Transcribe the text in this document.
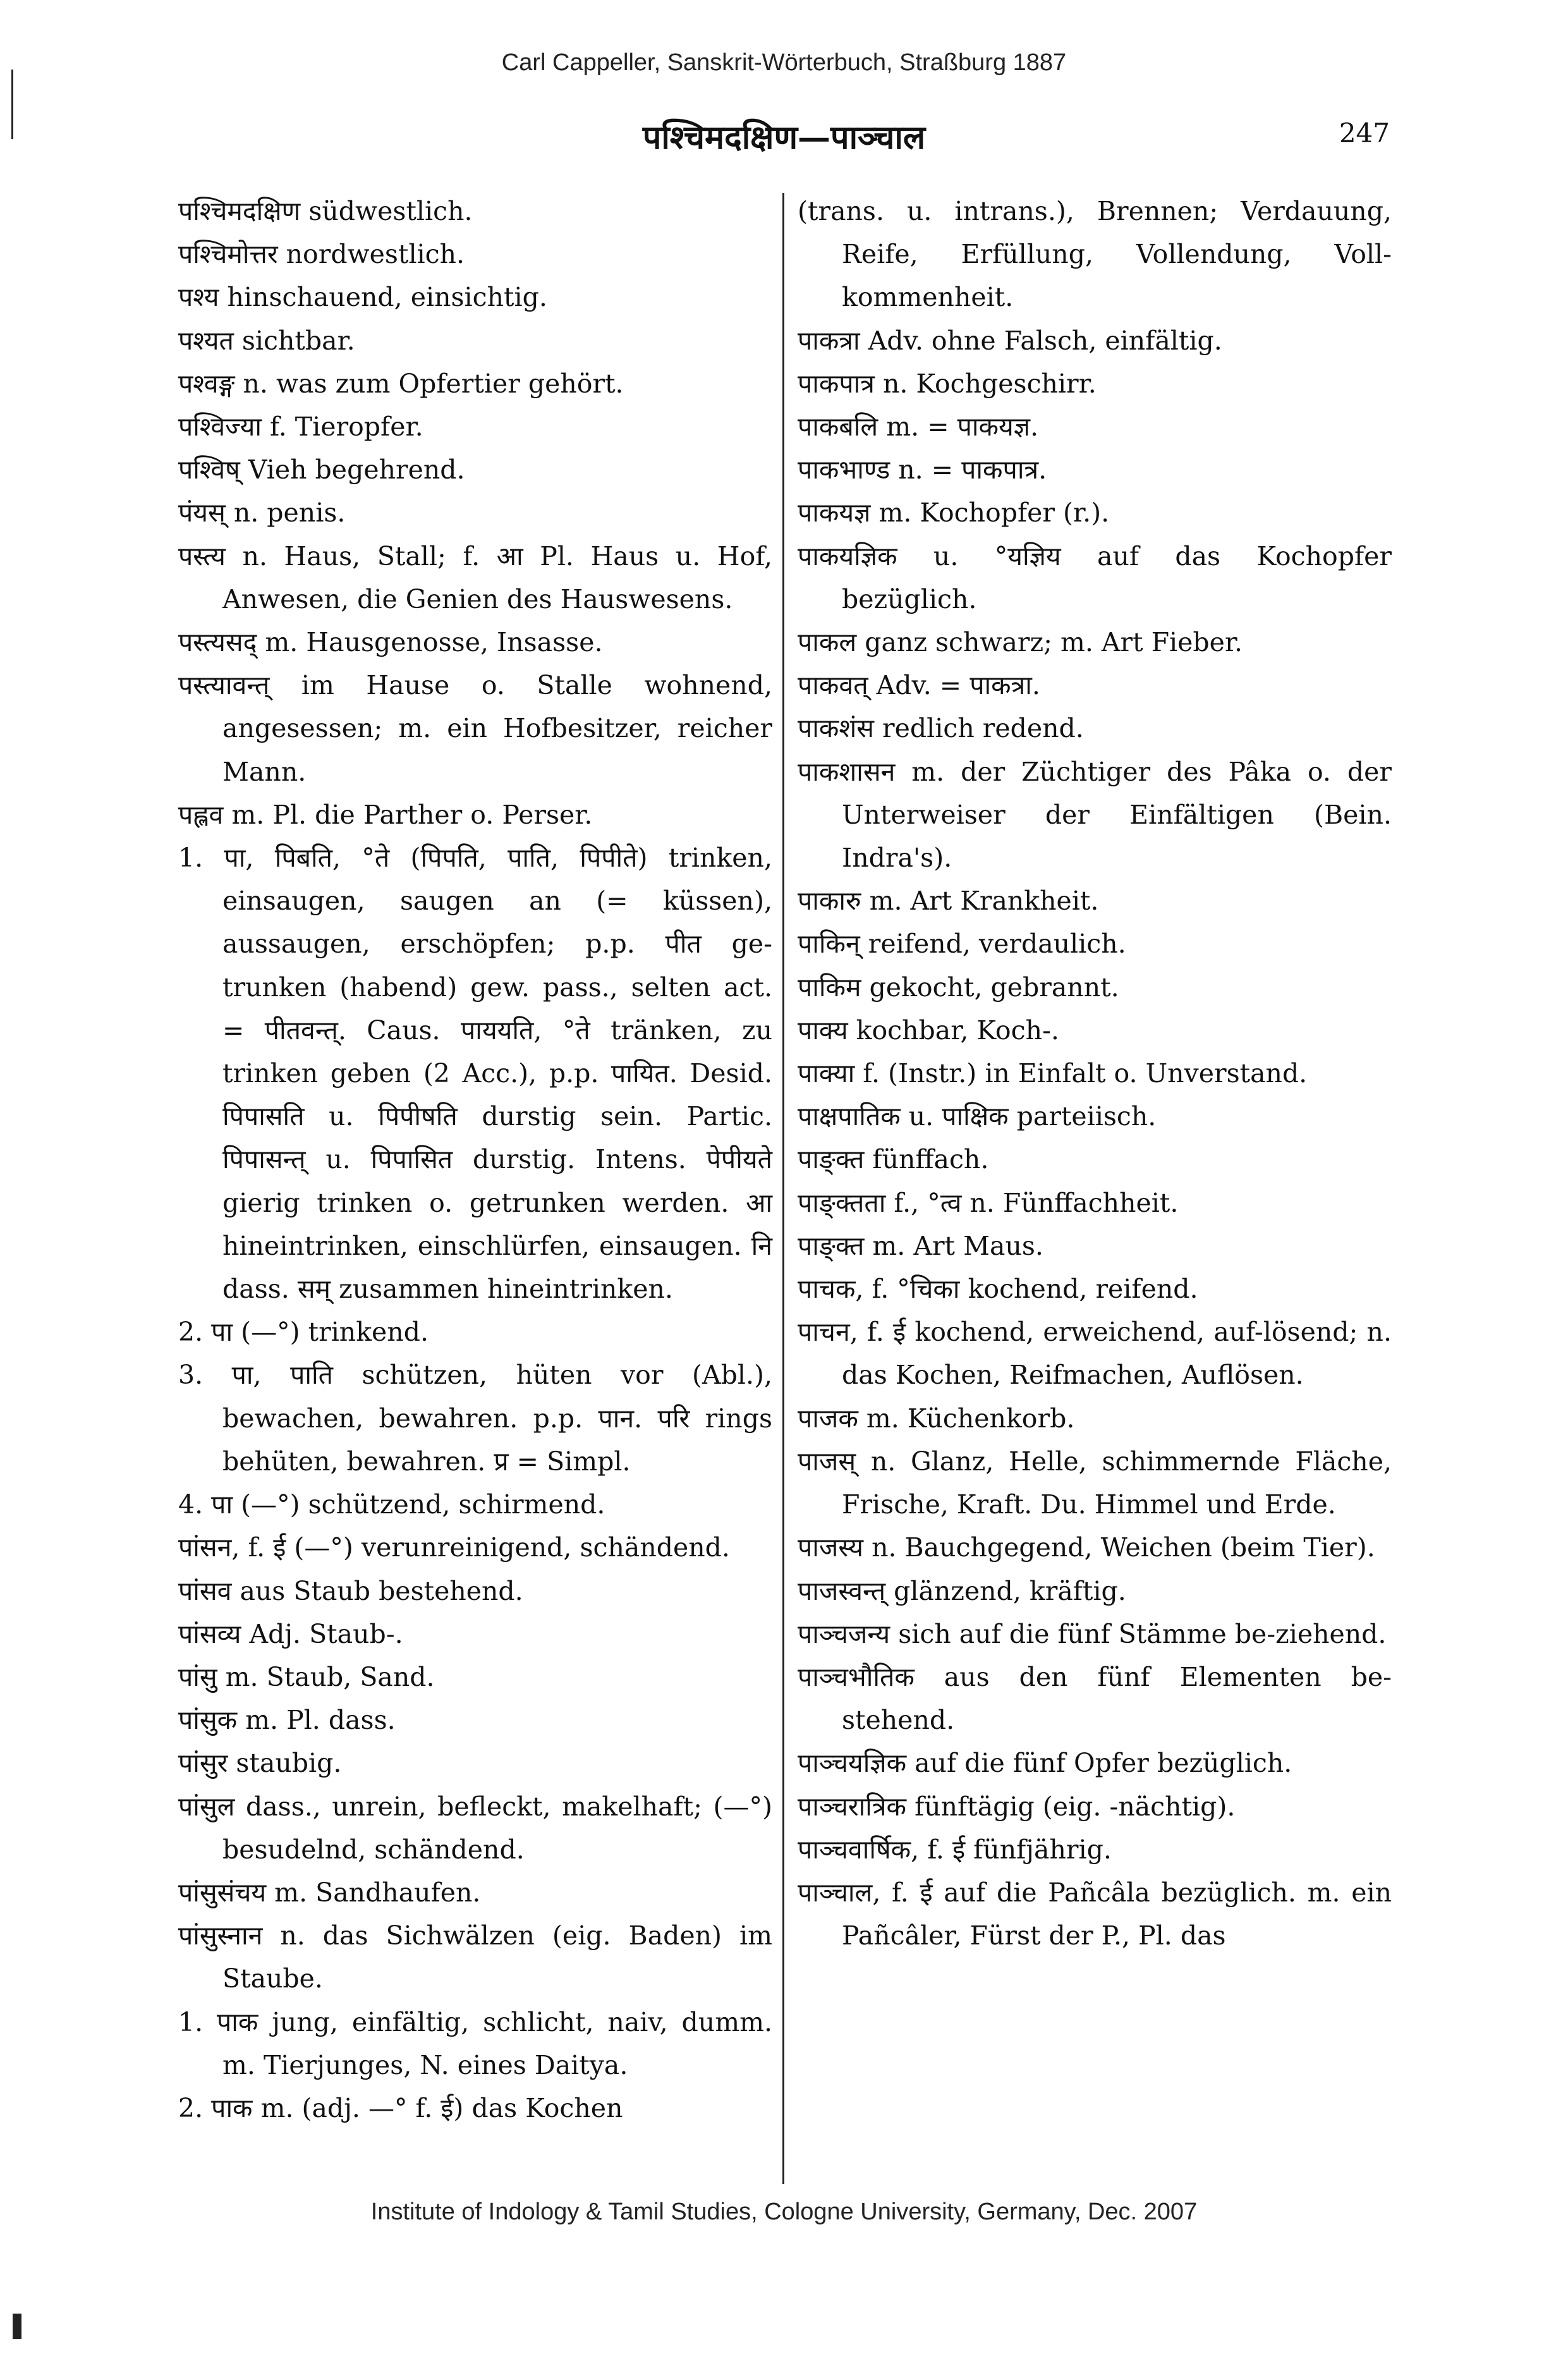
Carl Cappeller, Sanskrit-Wörterbuch, Straßburg 1887
पश्चिमदक्षिण—पाञ्चाल	247

पश्चिमदक्षिण südwestlich.

पश्चिमोत्तर nordwestlich.

पश्य hinschauend, einsichtig.

पश्यत sichtbar.

पश्वङ्ग n. was zum Opfertier gehört.

पश्विज्या f. Tieropfer.

पश्विष् Vieh begehrend.

पंयस् n. penis.

पस्त्य n. Haus, Stall; f. आ Pl. Haus u. Hof, Anwesen, die Genien des Hauswesens.

पस्त्यसद् m. Hausgenosse, Insasse.

पस्त्यावन्त् im Hause o. Stalle wohnend, angesessen; m. ein Hofbesitzer, reicher Mann.

पह्लव m. Pl. die Parther o. Perser.

1. पा, पिबति, °ते (पिपति, पाति, पिपीते) trinken, einsaugen, saugen an (= küssen), aussaugen, erschöpfen; p.p. पीत ge-trunken (habend) gew. pass., selten act. = पीतवन्त्. Caus. पाययति, °ते tränken, zu trinken geben (2 Acc.), p.p. पायित. Desid. पिपासति u. पिपीषति durstig sein. Partic. पिपासन्त् u. पिपासित durstig. Intens. पेपीयते gierig trinken o. getrunken werden. आ hineintrinken, einschlürfen, einsaugen. नि dass. सम् zusammen hineintrinken.

2. पा (—°) trinkend.

3. पा, पाति schützen, hüten vor (Abl.), bewachen, bewahren. p.p. पान. परि rings behüten, bewahren. प्र = Simpl.

4. पा (—°) schützend, schirmend.

पांसन, f. ई (—°) verunreinigend, schändend.

पांसव aus Staub bestehend.

पांसव्य Adj. Staub-.

पांसु m. Staub, Sand.

पांसुक m. Pl. dass.

पांसुर staubig.

पांसुल dass., unrein, befleckt, makelhaft; (—°) besudelnd, schändend.

पांसुसंचय m. Sandhaufen.

पांसुस्नान n. das Sichwälzen (eig. Baden) im Staube.

1. पाक jung, einfältig, schlicht, naiv, dumm. m. Tierjunges, N. eines Daitya.

2. पाक m. (adj. —° f. ई) das Kochen

(trans. u. intrans.), Brennen; Verdauung, Reife, Erfüllung, Vollendung, Voll-kommenheit.

पाकत्रा Adv. ohne Falsch, einfältig.

पाकपात्र n. Kochgeschirr.

पाकबलि m. = पाकयज्ञ.

पाकभाण्ड n. = पाकपात्र.

पाकयज्ञ m. Kochopfer (r.).

पाकयज्ञिक u. °यज्ञिय auf das Kochopfer bezüglich.

पाकल ganz schwarz; m. Art Fieber.

पाकवत् Adv. = पाकत्रा.

पाकशंस redlich redend.

पाकशासन m. der Züchtiger des Pâka o. der Unterweiser der Einfältigen (Bein. Indra's).

पाकारु m. Art Krankheit.

पाकिन् reifend, verdaulich.

पाकिम gekocht, gebrannt.

पाक्य kochbar, Koch-.

पाक्या f. (Instr.) in Einfalt o. Unverstand.

पाक्षपातिक u. पाक्षिक parteiisch.

पाङ्क्त fünffach.

पाङ्क्तता f., °त्व n. Fünffachheit.

पाङ्क्त m. Art Maus.

पाचक, f. °चिका kochend, reifend.

पाचन, f. ई kochend, erweichend, auf-lösend; n. das Kochen, Reifmachen, Auflösen.

पाजक m. Küchenkorb.

पाजस् n. Glanz, Helle, schimmernde Fläche, Frische, Kraft. Du. Himmel und Erde.

पाजस्य n. Bauchgegend, Weichen (beim Tier).

पाजस्वन्त् glänzend, kräftig.

पाञ्चजन्य sich auf die fünf Stämme be-ziehend.

पाञ्चभौतिक aus den fünf Elementen be-stehend.

पाञ्चयज्ञिक auf die fünf Opfer bezüglich.

पाञ्चरात्रिक fünftägig (eig. -nächtig).

पाञ्चवार्षिक, f. ई fünfjährig.

पाञ्चाल, f. ई auf die Pañcâla bezüglich. m. ein Pañcâler, Fürst der P., Pl. das

Institute of Indology & Tamil Studies, Cologne University, Germany, Dec. 2007
